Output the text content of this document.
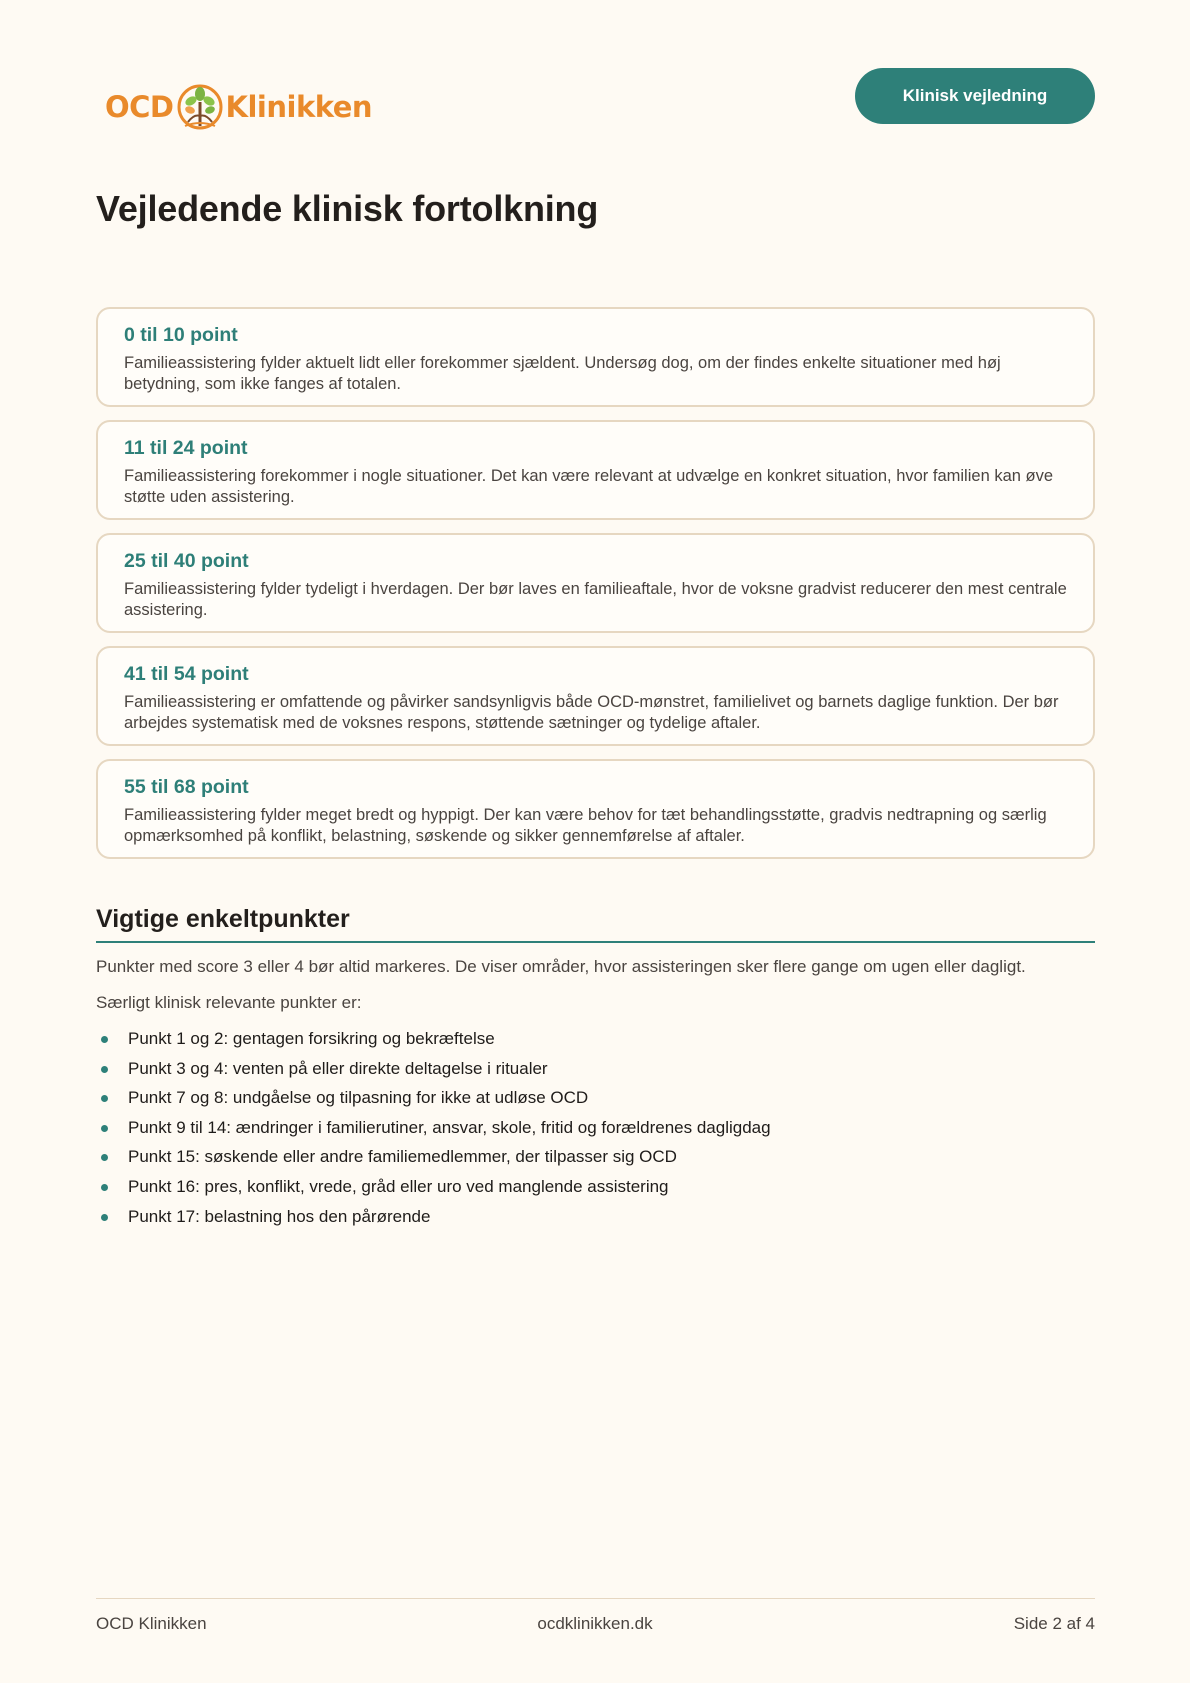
OCD Klinikken	Klinisk vejledning
Vejledende klinisk fortolkning
0 til 10 point
Familieassistering fylder aktuelt lidt eller forekommer sjældent. Undersøg dog, om der findes enkelte situationer med høj betydning, som ikke fanges af totalen.
11 til 24 point
Familieassistering forekommer i nogle situationer. Det kan være relevant at udvælge en konkret situation, hvor familien kan øve støtte uden assistering.
25 til 40 point
Familieassistering fylder tydeligt i hverdagen. Der bør laves en familieaftale, hvor de voksne gradvist reducerer den mest centrale assistering.
41 til 54 point
Familieassistering er omfattende og påvirker sandsynligvis både OCD-mønstret, familielivet og barnets daglige funktion. Der bør arbejdes systematisk med de voksnes respons, støttende sætninger og tydelige aftaler.
55 til 68 point
Familieassistering fylder meget bredt og hyppigt. Der kan være behov for tæt behandlingsstøtte, gradvis nedtrapning og særlig opmærksomhed på konflikt, belastning, søskende og sikker gennemførelse af aftaler.
Vigtige enkeltpunkter

Punkter med score 3 eller 4 bør altid markeres. De viser områder, hvor assisteringen sker flere gange om ugen eller dagligt.

Særligt klinisk relevante punkter er:

Punkt 1 og 2: gentagen forsikring og bekræftelse
Punkt 3 og 4: venten på eller direkte deltagelse i ritualer
Punkt 7 og 8: undgåelse og tilpasning for ikke at udløse OCD
Punkt 9 til 14: ændringer i familierutiner, ansvar, skole, fritid og forældrenes dagligdag
Punkt 15: søskende eller andre familiemedlemmer, der tilpasser sig OCD
Punkt 16: pres, konflikt, vrede, gråd eller uro ved manglende assistering
Punkt 17: belastning hos den pårørende
OCD Klinikken	ocdklinikken.dk	Side 2 af 4
